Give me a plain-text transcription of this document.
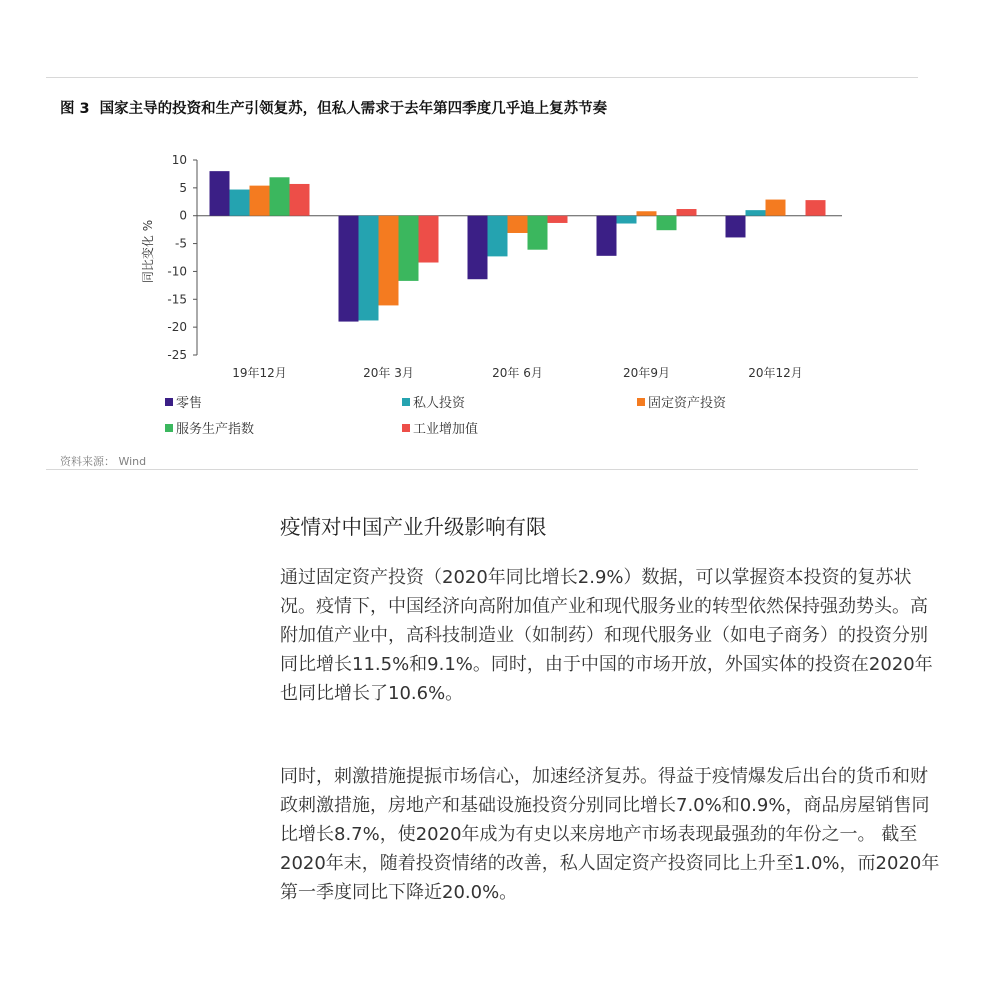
图 3 国家主导的投资和生产引领复苏，但私人需求于去年第四季度几乎追上复苏节奏
10
5
0
-5
-10
-15
-20
-25
同比变化 %
19年12月	20年 3月	20年 6月	20年9月	20年12月
零售	私人投资	固定资产投资
服务生产指数	工业增加值
资料来源： Wind
疫情对中国产业升级影响有限

通过固定资产投资（2020年同比增长2.9%）数据，可以掌握资本投资的复苏状况。疫情下，中国经济向高附加值产业和现代服务业的转型依然保持强劲势头。高附加值产业中，高科技制造业（如制药）和现代服务业（如电子商务）的投资分别同比增长11.5%和9.1%。同时，由于中国的市场开放，外国实体的投资在2020年也同比增长了10.6%。

同时，刺激措施提振市场信心，加速经济复苏。得益于疫情爆发后出台的货币和财政刺激措施，房地产和基础设施投资分别同比增长7.0%和0.9%，商品房屋销售同比增长8.7%，使2020年成为有史以来房地产市场表现最强劲的年份之一。 截至2020年末，随着投资情绪的改善，私人固定资产投资同比上升至1.0%，而2020年第一季度同比下降近20.0%。
